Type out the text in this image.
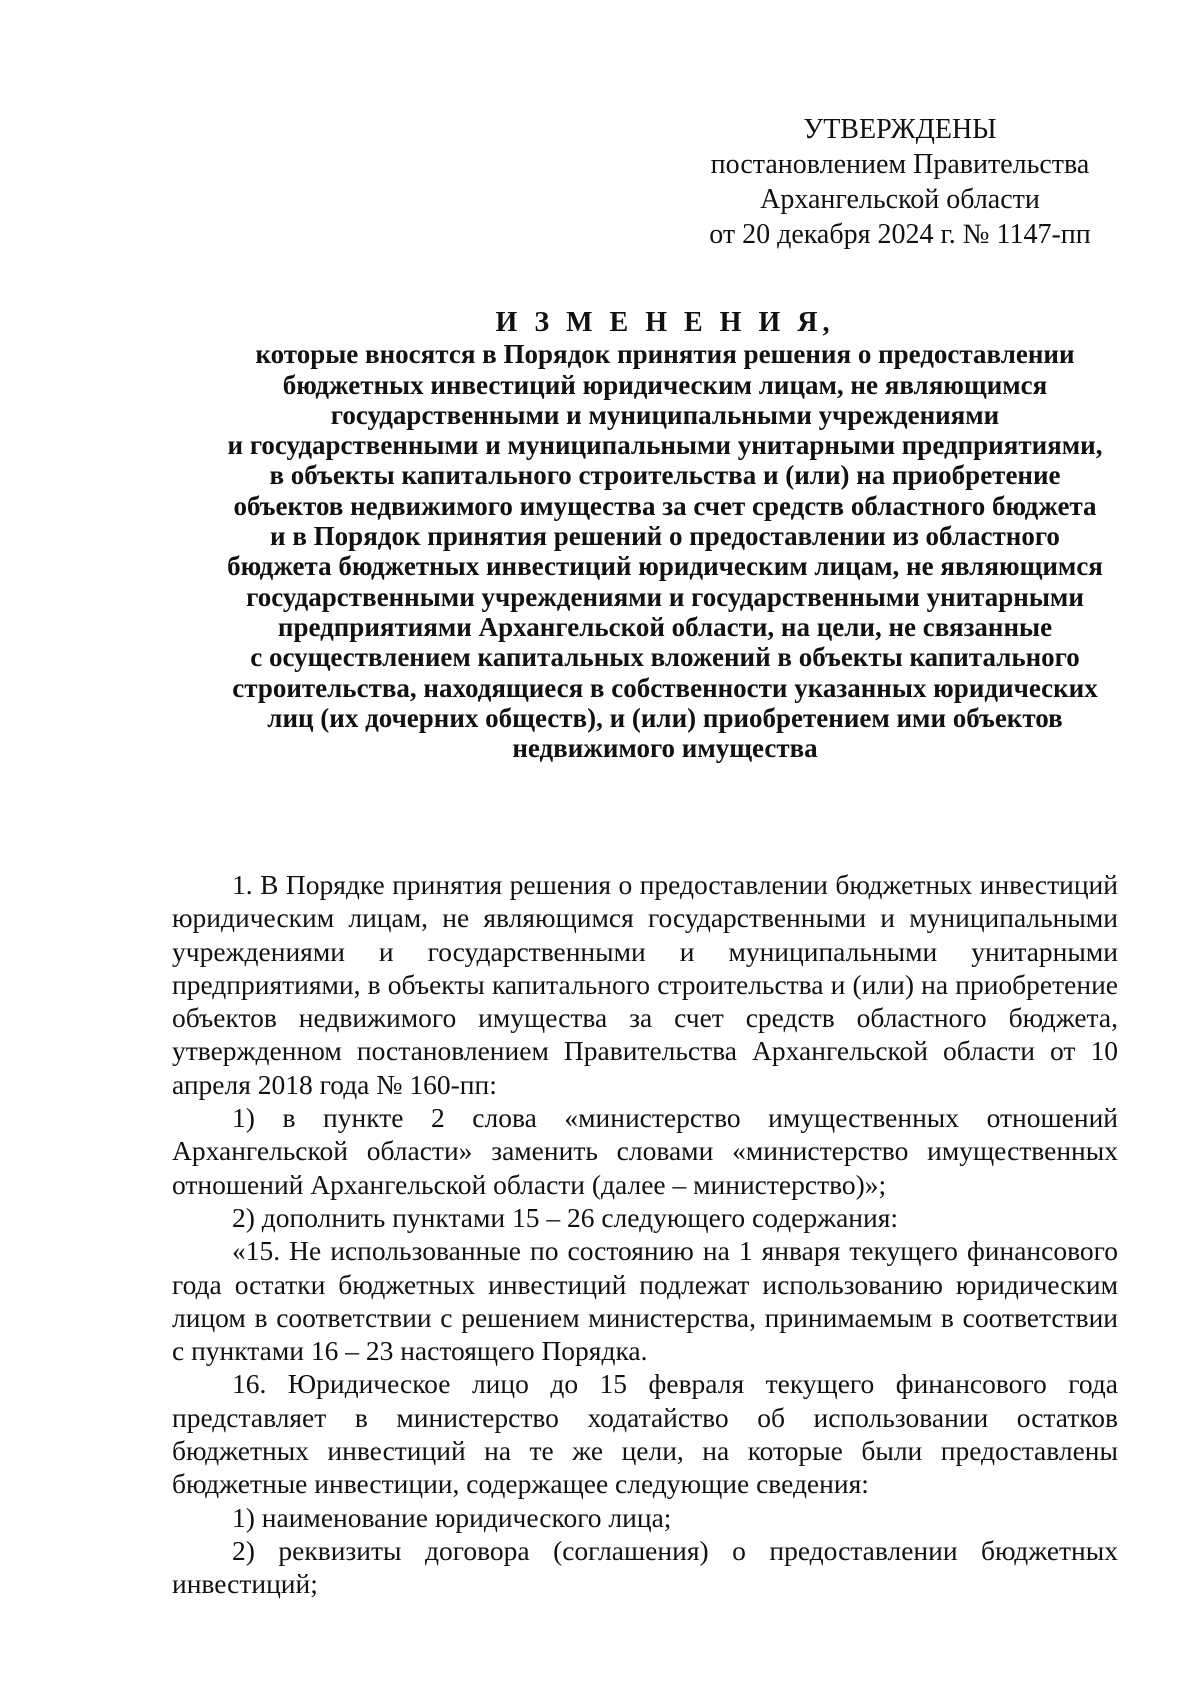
УТВЕРЖДЕНЫ
постановлением Правительства
Архангельской области
от 20 декабря 2024 г. № 1147-пп
И З М Е Н Е Н И Я,
которые вносятся в Порядок принятия решения о предоставлении
бюджетных инвестиций юридическим лицам, не являющимся
государственными и муниципальными учреждениями
и государственными и муниципальными унитарными предприятиями,
в объекты капитального строительства и (или) на приобретение
объектов недвижимого имущества за счет средств областного бюджета
и в Порядок принятия решений о предоставлении из областного
бюджета бюджетных инвестиций юридическим лицам, не являющимся
государственными учреждениями и государственными унитарными
предприятиями Архангельской области, на цели, не связанные
с осуществлением капитальных вложений в объекты капитального
строительства, находящиеся в собственности указанных юридических
лиц (их дочерних обществ), и (или) приобретением ими объектов
недвижимого имущества

1. В Порядке принятия решения о предоставлении бюджетных инвестиций юридическим лицам, не являющимся государственными и муниципальными учреждениями и государственными и муниципальными унитарными предприятиями, в объекты капитального строительства и (или) на приобретение объектов недвижимого имущества за счет средств областного бюджета, утвержденном постановлением Правительства Архангельской области от 10 апреля 2018 года № 160-пп:

1) в пункте 2 слова «министерство имущественных отношений Архангельской области» заменить словами «министерство имущественных отношений Архангельской области (далее – министерство)»;

2) дополнить пунктами 15 – 26 следующего содержания:

«15. Не использованные по состоянию на 1 января текущего финансового года остатки бюджетных инвестиций подлежат использованию юридическим лицом в соответствии с решением министерства, принимаемым в соответствии с пунктами 16 – 23 настоящего Порядка.

16. Юридическое лицо до 15 февраля текущего финансового года представляет в министерство ходатайство об использовании остатков бюджетных инвестиций на те же цели, на которые были предоставлены бюджетные инвестиции, содержащее следующие сведения:

1) наименование юридического лица;

2) реквизиты договора (соглашения) о предоставлении бюджетных инвестиций;
